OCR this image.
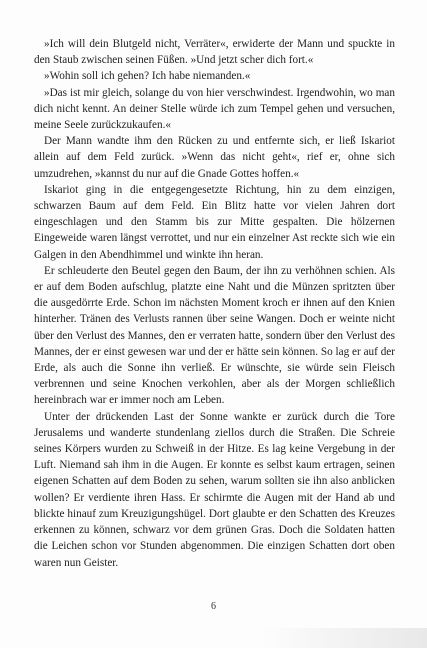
»Ich will dein Blutgeld nicht, Verräter«, erwiderte der Mann und spuckte in den Staub zwischen seinen Füßen. »Und jetzt scher dich fort.«

»Wohin soll ich gehen? Ich habe niemanden.«

»Das ist mir gleich, solange du von hier verschwindest. Irgendwohin, wo man dich nicht kennt. An deiner Stelle würde ich zum Tempel gehen und versuchen, meine Seele zurückzukaufen.«

Der Mann wandte ihm den Rücken zu und entfernte sich, er ließ Iskariot allein auf dem Feld zurück. »Wenn das nicht geht«, rief er, ohne sich umzudrehen, »kannst du nur auf die Gnade Gottes hoffen.«

Iskariot ging in die entgegengesetzte Richtung, hin zu dem einzigen, schwarzen Baum auf dem Feld. Ein Blitz hatte vor vielen Jahren dort eingeschlagen und den Stamm bis zur Mitte gespalten. Die hölzernen Eingeweide waren längst verrottet, und nur ein einzelner Ast reckte sich wie ein Galgen in den Abendhimmel und winkte ihn heran.

Er schleuderte den Beutel gegen den Baum, der ihn zu verhöhnen schien. Als er auf dem Boden aufschlug, platzte eine Naht und die Münzen spritzten über die ausgedörrte Erde. Schon im nächsten Moment kroch er ihnen auf den Knien hinterher. Tränen des Verlusts rannen über seine Wangen. Doch er weinte nicht über den Verlust des Mannes, den er verraten hatte, sondern über den Verlust des Mannes, der er einst gewesen war und der er hätte sein können. So lag er auf der Erde, als auch die Sonne ihn verließ. Er wünschte, sie würde sein Fleisch verbrennen und seine Knochen verkohlen, aber als der Morgen schließlich hereinbrach war er immer noch am Leben.

Unter der drückenden Last der Sonne wankte er zurück durch die Tore Jerusalems und wanderte stundenlang ziellos durch die Straßen. Die Schreie seines Körpers wurden zu Schweiß in der Hitze. Es lag keine Vergebung in der Luft. Niemand sah ihm in die Augen. Er konnte es selbst kaum ertragen, seinen eigenen Schatten auf dem Boden zu sehen, warum sollten sie ihn also anblicken wollen? Er verdiente ihren Hass. Er schirmte die Augen mit der Hand ab und blickte hinauf zum Kreuzigungshügel. Dort glaubte er den Schatten des Kreuzes erkennen zu können, schwarz vor dem grünen Gras. Doch die Soldaten hatten die Leichen schon vor Stunden abgenommen. Die einzigen Schatten dort oben waren nun Geister.

6
